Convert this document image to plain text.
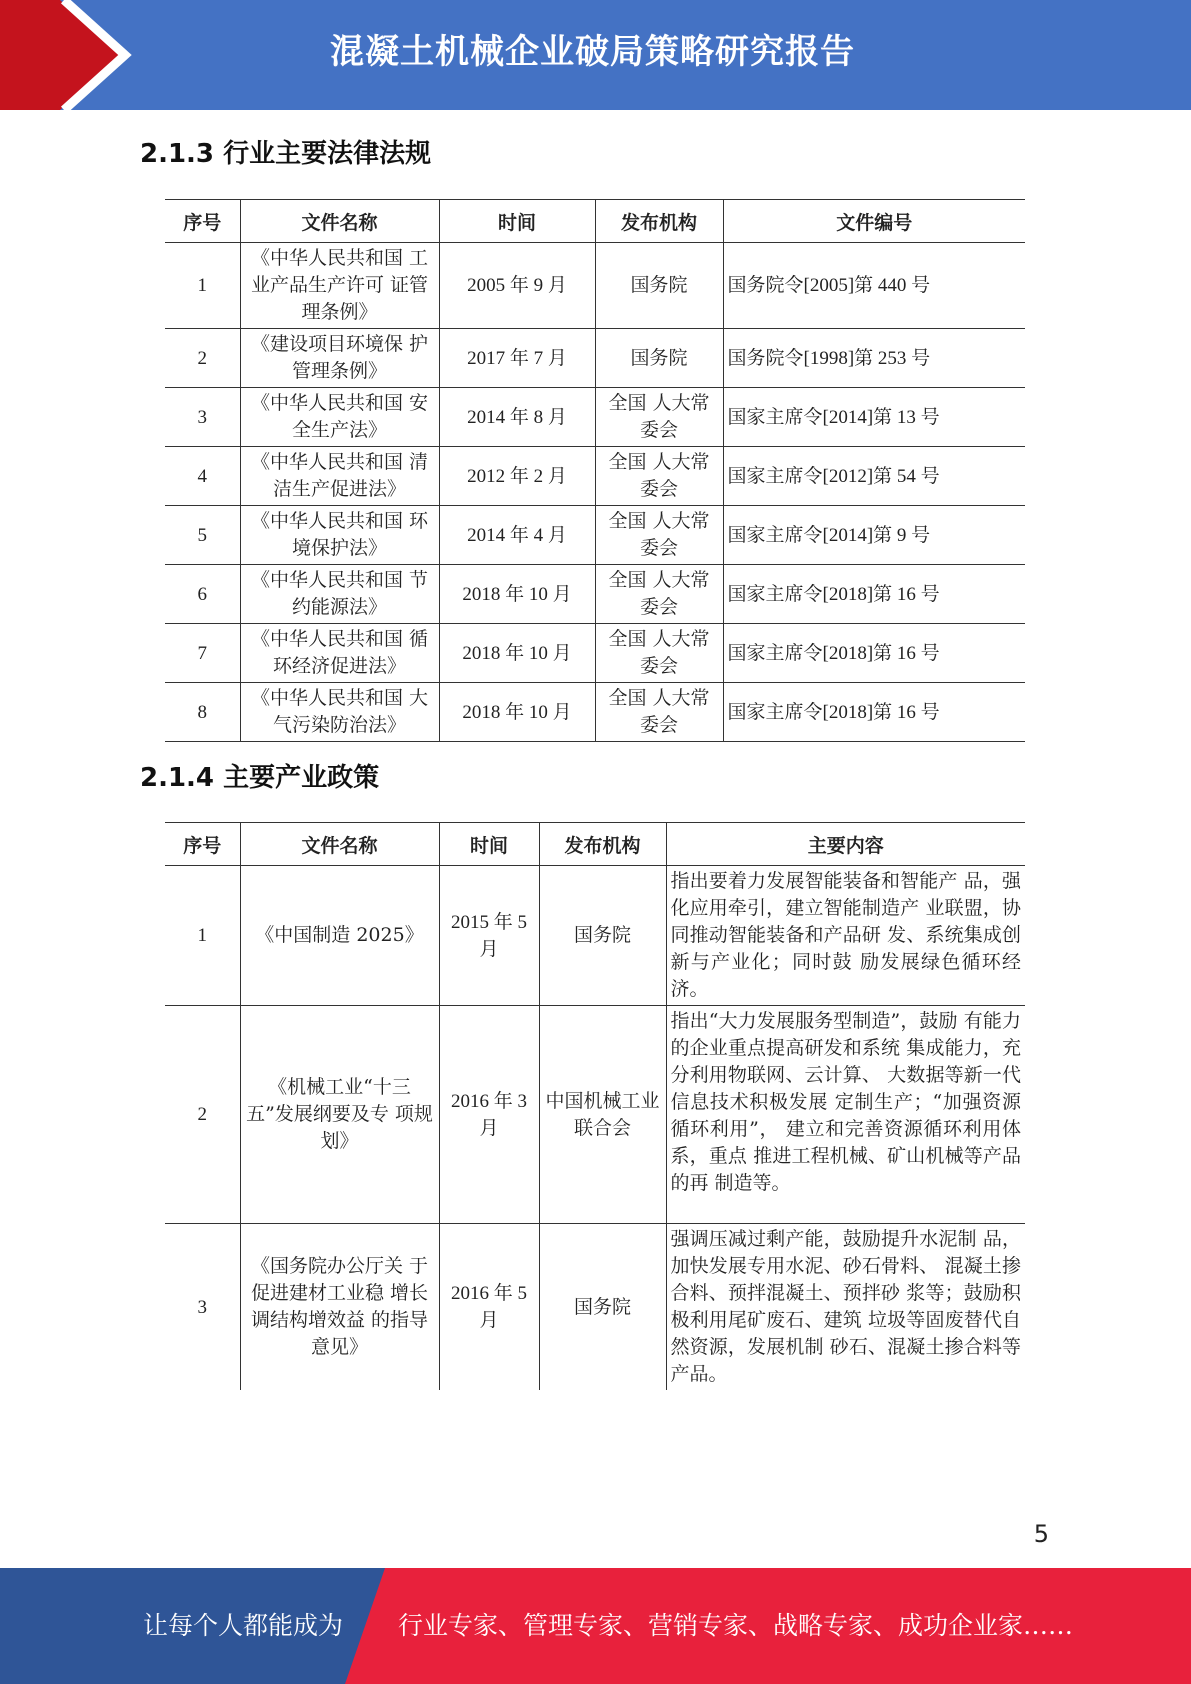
混凝土机械企业破局策略研究报告
2.1.3 行业主要法律法规
序号	文件名称	时间	发布机构	文件编号
1	《中华人民共和国 工业产品生产许可 证管理条例》	2005 年 9 月	国务院	国务院令[2005]第 440 号
2	《建设项目环境保 护管理条例》	2017 年 7 月	国务院	国务院令[1998]第 253 号
3	《中华人民共和国 安全生产法》	2014 年 8 月	全国 人大常委会	国家主席令[2014]第 13 号
4	《中华人民共和国 清洁生产促进法》	2012 年 2 月	全国 人大常委会	国家主席令[2012]第 54 号
5	《中华人民共和国 环境保护法》	2014 年 4 月	全国 人大常委会	国家主席令[2014]第 9 号
6	《中华人民共和国 节约能源法》	2018 年 10 月	全国 人大常委会	国家主席令[2018]第 16 号
7	《中华人民共和国 循环经济促进法》	2018 年 10 月	全国 人大常委会	国家主席令[2018]第 16 号
8	《中华人民共和国 大气污染防治法》	2018 年 10 月	全国 人大常委会	国家主席令[2018]第 16 号
2.1.4 主要产业政策
序号	文件名称	时间	发布机构	主要内容
1	《中国制造 2025》	2015 年 5 月	国务院	指出要着力发展智能装备和智能产 品，强化应用牵引，建立智能制造产 业联盟，协同推动智能装备和产品研 发、系统集成创新与产业化；同时鼓 励发展绿色循环经济。
2	《机械工业“十三五”发展纲要及专 项规划》	2016 年 3 月	中国机械工业联合会	指出“大力发展服务型制造”，鼓励 有能力的企业重点提高研发和系统 集成能力，充分利用物联网、云计算、 大数据等新一代信息技术积极发展 定制生产；“加强资源循环利用”， 建立和完善资源循环利用体系，重点 推进工程机械、矿山机械等产品的再 制造等。
3	《国务院办公厅关 于促进建材工业稳 增长调结构增效益 的指导意见》	2016 年 5 月	国务院	强调压减过剩产能，鼓励提升水泥制 品，加快发展专用水泥、砂石骨料、 混凝土掺合料、预拌混凝土、预拌砂 浆等；鼓励积极利用尾矿废石、建筑 垃圾等固废替代自然资源，发展机制 砂石、混凝土掺合料等产品。
5
让每个人都能成为 行业专家、管理专家、营销专家、战略专家、成功企业家……
